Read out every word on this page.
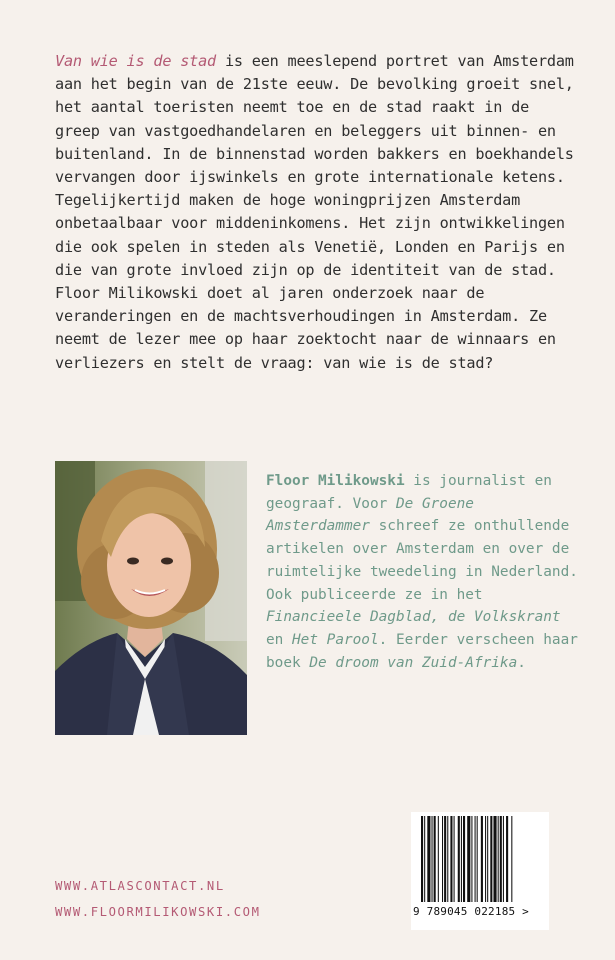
Van wie is de stad is een meeslepend portret van Amsterdam aan het begin van de 21ste eeuw. De bevolking groeit snel, het aantal toeristen neemt toe en de stad raakt in de greep van vastgoedhandelaren en beleggers uit binnen- en buitenland. In de binnenstad worden bakkers en boekhandels vervangen door ijswinkels en grote internationale ketens. Tegelijkertijd maken de hoge woningprijzen Amsterdam onbetaalbaar voor middeninkomens. Het zijn ontwikkelingen die ook spelen in steden als Venetië, Londen en Parijs en die van grote invloed zijn op de identiteit van de stad. Floor Milikowski doet al jaren onderzoek naar de veranderingen en de machtsverhoudingen in Amsterdam. Ze neemt de lezer mee op haar zoektocht naar de winnaars en verliezers en stelt de vraag: van wie is de stad?

Floor Milikowski is journalist en geograaf. Voor De Groene Amsterdammer schreef ze onthullende artikelen over Amsterdam en over de ruimtelijke tweedeling in Nederland. Ook publiceerde ze in het Financieele Dagblad, de Volkskrant en Het Parool. Eerder verscheen haar boek De droom van Zuid-Afrika.

WWW.ATLASCONTACT.NL
WWW.FLOORMILIKOWSKI.COM	9 789045 022185 >
